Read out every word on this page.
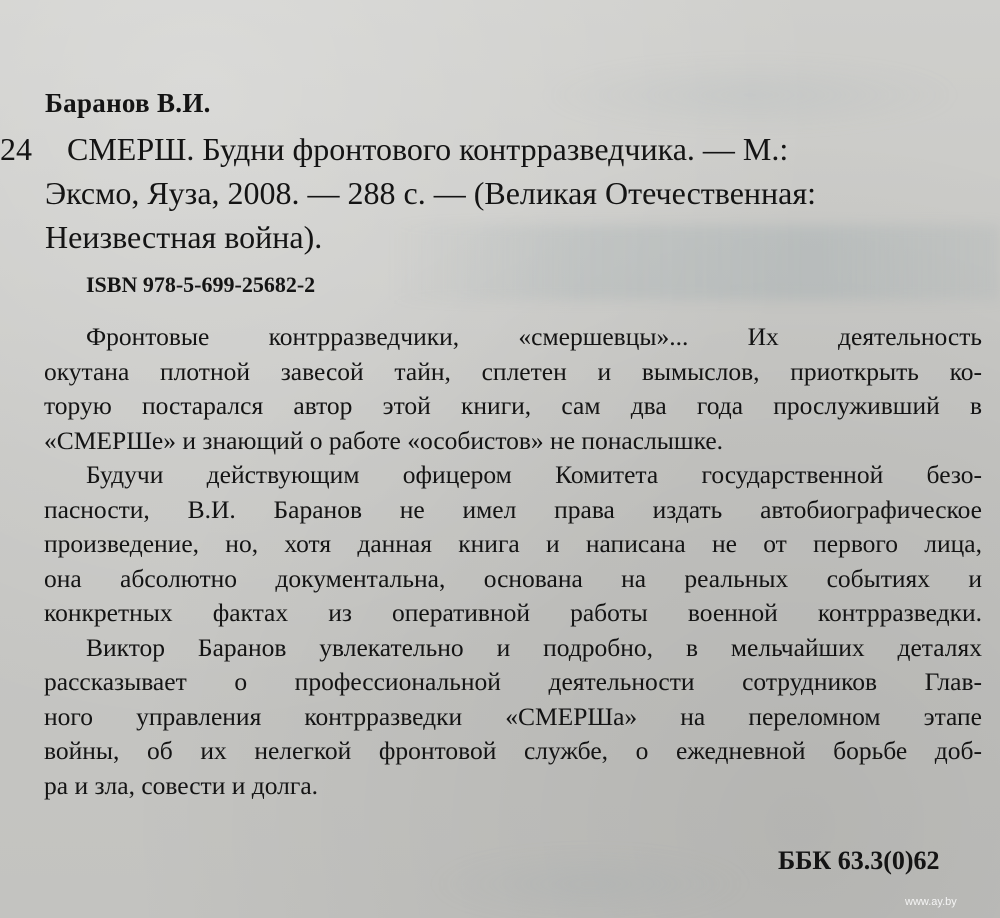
Баранов В.И.
24	СМЕРШ. Будни фронтового контрразведчика. — М.:
Эксмо, Яуза, 2008. — 288 с. — (Великая Отечественная:
Неизвестная война).
ISBN 978-5-699-25682-2
Фронтовые контрразведчики, «смершевцы»... Их деятельность
окутана плотной завесой тайн, сплетен и вымыслов, приоткрыть ко-
торую постарался автор этой книги, сам два года прослуживший в
«СМЕРШе» и знающий о работе «особистов» не понаслышке.
Будучи действующим офицером Комитета государственной безо-
пасности, В.И. Баранов не имел права издать автобиографическое
произведение, но, хотя данная книга и написана не от первого лица,
она абсолютно документальна, основана на реальных событиях и
конкретных фактах из оперативной работы военной контрразведки.
Виктор Баранов увлекательно и подробно, в мельчайших деталях
рассказывает о профессиональной деятельности сотрудников Глав-
ного управления контрразведки «СМЕРШа» на переломном этапе
войны, об их нелегкой фронтовой службе, о ежедневной борьбе доб-
ра и зла, совести и долга.
ББК 63.3(0)62
www.ay.by
